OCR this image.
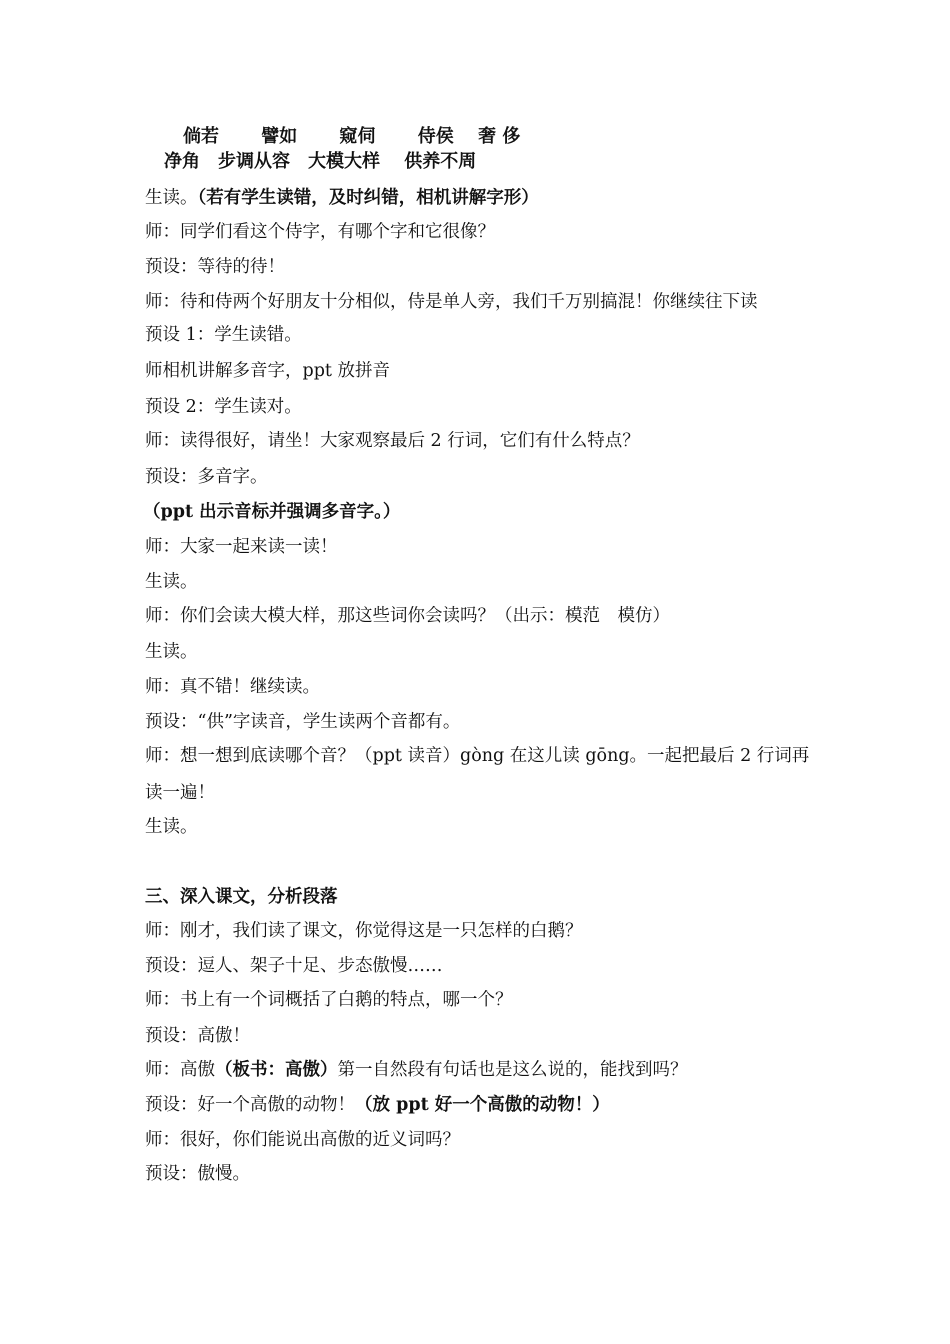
倘若　　 譬如　　 窥伺　　 侍侯　 奢 侈
净角　步调从容　大模大样　 供养不周
生读。（若有学生读错，及时纠错，相机讲解字形）
师：同学们看这个侍字，有哪个字和它很像？
预设：等待的待！
师：待和侍两个好朋友十分相似，侍是单人旁，我们千万别搞混！你继续往下读
预设 1：学生读错。
师相机讲解多音字，ppt 放拼音
预设 2：学生读对。
师：读得很好，请坐！大家观察最后 2 行词，它们有什么特点？
预设：多音字。
（ppt 出示音标并强调多音字。）
师：大家一起来读一读！
生读。
师：你们会读大模大样，那这些词你会读吗？（出示：模范　模仿）
生读。
师：真不错！继续读。
预设：“供”字读音，学生读两个音都有。
师：想一想到底读哪个音？（ppt 读音）gòng 在这儿读 gōng。一起把最后 2 行词再
读一遍！
生读。
三、深入课文，分析段落
师：刚才，我们读了课文，你觉得这是一只怎样的白鹅？
预设：逗人、架子十足、步态傲慢……
师：书上有一个词概括了白鹅的特点，哪一个？
预设：高傲！
师：高傲（板书：高傲）第一自然段有句话也是这么说的，能找到吗？
预设：好一个高傲的动物！（放 ppt 好一个高傲的动物！）
师：很好，你们能说出高傲的近义词吗？
预设：傲慢。
